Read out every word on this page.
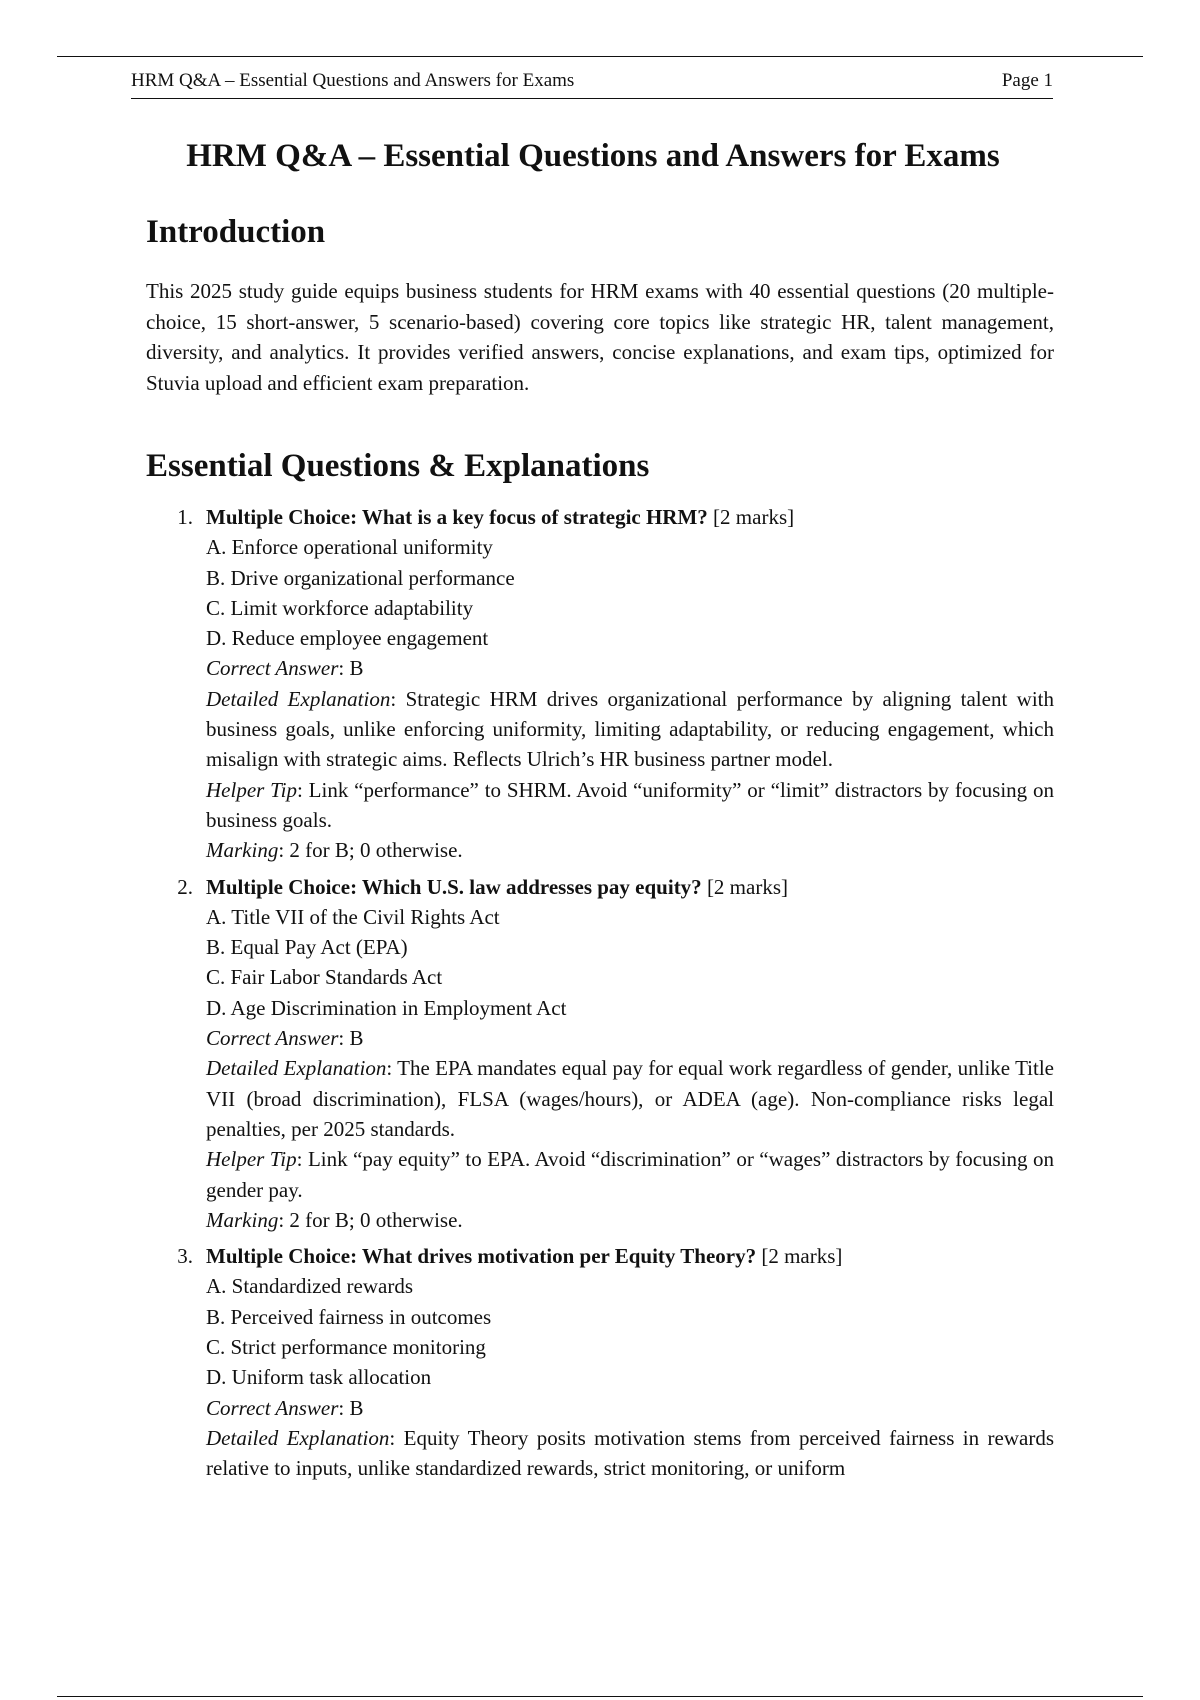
HRM Q&A – Essential Questions and Answers for Exams	Page 1
HRM Q&A – Essential Questions and Answers for Exams
Introduction

This 2025 study guide equips business students for HRM exams with 40 essential questions (20 multiple-choice, 15 short-answer, 5 scenario-based) covering core topics like strategic HR, talent management, diversity, and analytics. It provides verified answers, concise explanations, and exam tips, optimized for Stuvia upload and efficient exam preparation.

Essential Questions & Explanations
1. Multiple Choice: What is a key focus of strategic HRM? [2 marks]
A. Enforce operational uniformity
B. Drive organizational performance
C. Limit workforce adaptability
D. Reduce employee engagement
Correct Answer: B
Detailed Explanation: Strategic HRM drives organizational performance by aligning talent with business goals, unlike enforcing uniformity, limiting adaptability, or reducing engagement, which misalign with strategic aims. Reflects Ulrich’s HR business partner model.
Helper Tip: Link “performance” to SHRM. Avoid “uniformity” or “limit” distractors by focusing on business goals.
Marking: 2 for B; 0 otherwise.
2. Multiple Choice: Which U.S. law addresses pay equity? [2 marks]
A. Title VII of the Civil Rights Act
B. Equal Pay Act (EPA)
C. Fair Labor Standards Act
D. Age Discrimination in Employment Act
Correct Answer: B
Detailed Explanation: The EPA mandates equal pay for equal work regardless of gender, unlike Title VII (broad discrimination), FLSA (wages/hours), or ADEA (age). Non-compliance risks legal penalties, per 2025 standards.
Helper Tip: Link “pay equity” to EPA. Avoid “discrimination” or “wages” distractors by focusing on gender pay.
Marking: 2 for B; 0 otherwise.
3. Multiple Choice: What drives motivation per Equity Theory? [2 marks]
A. Standardized rewards
B. Perceived fairness in outcomes
C. Strict performance monitoring
D. Uniform task allocation
Correct Answer: B
Detailed Explanation: Equity Theory posits motivation stems from perceived fairness in rewards relative to inputs, unlike standardized rewards, strict monitoring, or uniform
